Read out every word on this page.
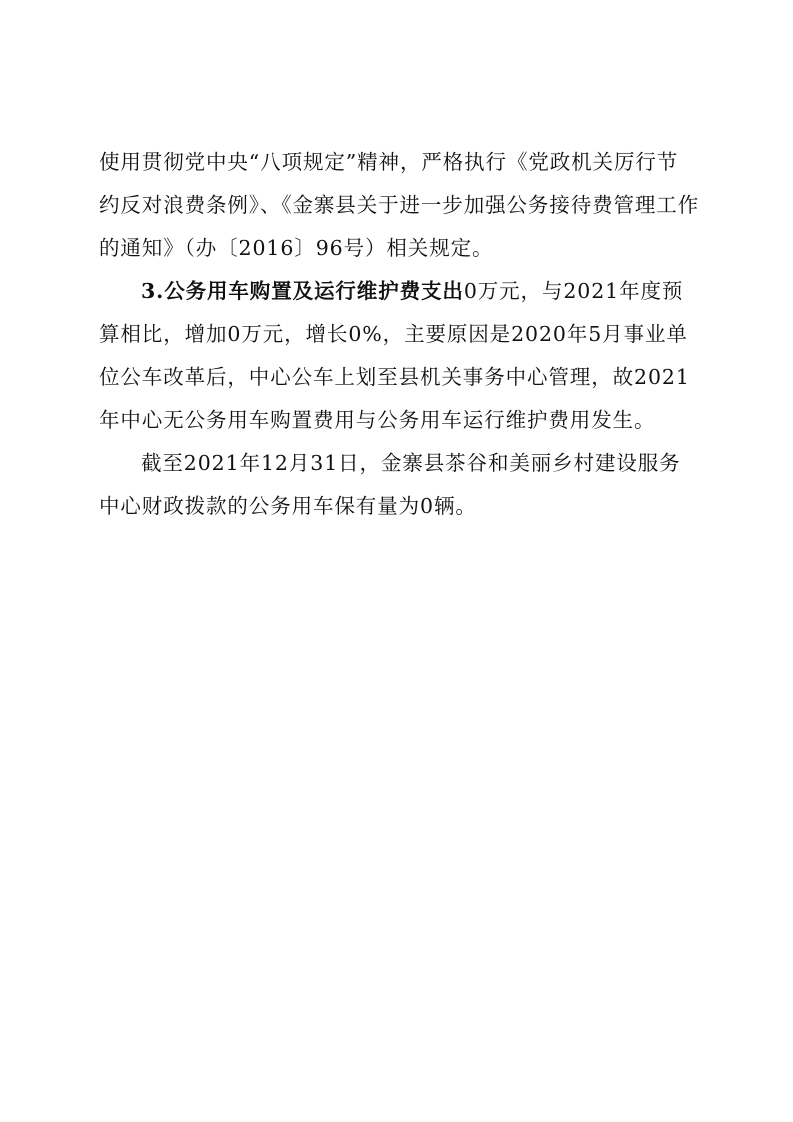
使用贯彻党中央“八项规定”精神，严格执行《党政机关厉行节
约反对浪费条例》、《金寨县关于进一步加强公务接待费管理工作
的通知》（办〔2016〕96号）相关规定。
3.公务用车购置及运行维护费支出0万元，与2021年度预
算相比，增加0万元，增长0%，主要原因是2020年5月事业单
位公车改革后，中心公车上划至县机关事务中心管理，故2021
年中心无公务用车购置费用与公务用车运行维护费用发生。
截至2021年12月31日，金寨县茶谷和美丽乡村建设服务
中心财政拨款的公务用车保有量为0辆。
